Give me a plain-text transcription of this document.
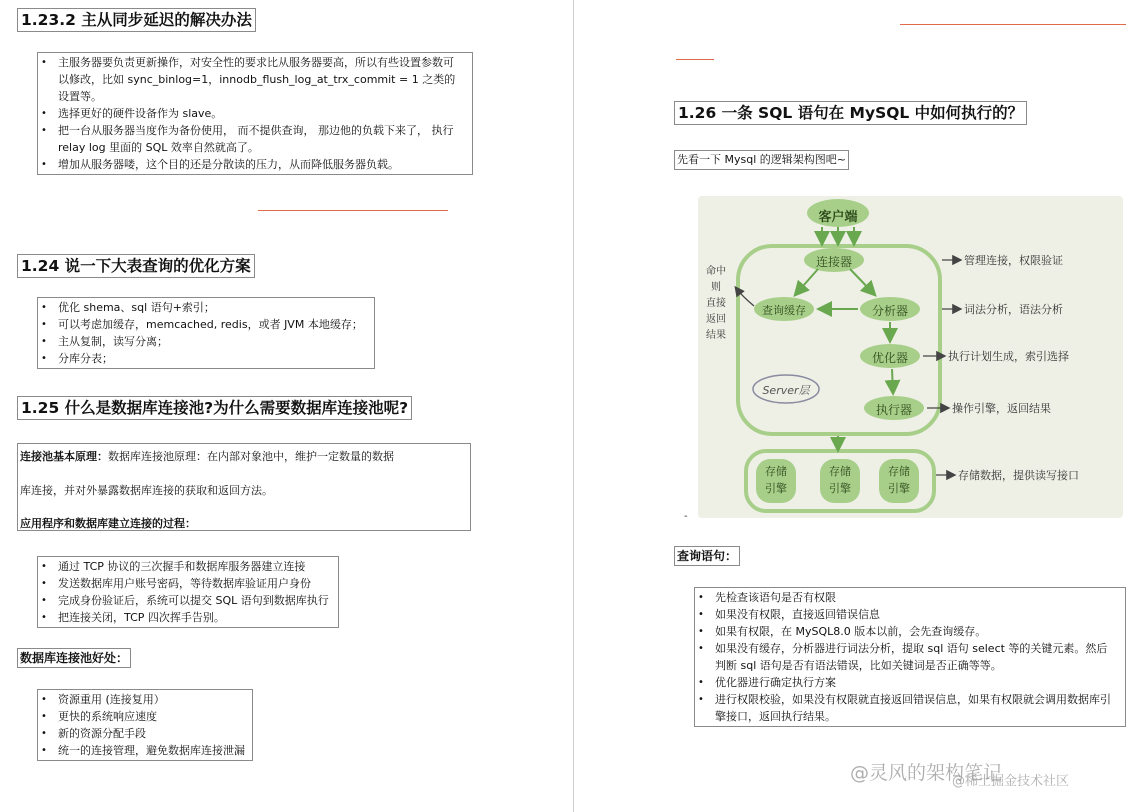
1.23.2 主从同步延迟的解决办法
• 主服务器要负责更新操作，对安全性的要求比从服务器要高，所以有些设置参数可
以修改，比如 sync_binlog=1，innodb_flush_log_at_trx_commit = 1 之类的
设置等。
• 选择更好的硬件设备作为 slave。
• 把一台从服务器当度作为备份使用， 而不提供查询， 那边他的负载下来了， 执行
relay log 里面的 SQL 效率自然就高了。
• 增加从服务器喽，这个目的还是分散读的压力，从而降低服务器负载。
1.24 说一下大表查询的优化方案
• 优化 shema、sql 语句+索引；
• 可以考虑加缓存，memcached, redis，或者 JVM 本地缓存；
• 主从复制，读写分离；
• 分库分表；
1.25 什么是数据库连接池?为什么需要数据库连接池呢?
连接池基本原理：数据库连接池原理：在内部对象池中，维护一定数量的数据
库连接，并对外暴露数据库连接的获取和返回方法。
应用程序和数据库建立连接的过程：
• 通过 TCP 协议的三次握手和数据库服务器建立连接
• 发送数据库用户账号密码，等待数据库验证用户身份
• 完成身份验证后，系统可以提交 SQL 语句到数据库执行
• 把连接关闭，TCP 四次挥手告别。
数据库连接池好处：
• 资源重用 (连接复用）
• 更快的系统响应速度
• 新的资源分配手段
• 统一的连接管理，避免数据库连接泄漏
1.26 一条 SQL 语句在 MySQL 中如何执行的？
先看一下 Mysql 的逻辑架构图吧~
客户端
连接器
查询缓存	分析器
优化器
执行器
Server层
存储
引擎
存储
引擎
存储
引擎
管理连接，权限验证
词法分析，语法分析
执行计划生成，索引选择
操作引擎，返回结果
存储数据，提供读写接口
命中
则
直接
返回
结果
-
查询语句：
• 先检查该语句是否有权限
• 如果没有权限，直接返回错误信息
• 如果有权限，在 MySQL8.0 版本以前，会先查询缓存。
• 如果没有缓存，分析器进行词法分析，提取 sql 语句 select 等的关键元素。然后
判断 sql 语句是否有语法错误，比如关键词是否正确等等。
• 优化器进行确定执行方案
• 进行权限校验，如果没有权限就直接返回错误信息，如果有权限就会调用数据库引
擎接口，返回执行结果。
@灵风的架构笔记
@稀土掘金技术社区
